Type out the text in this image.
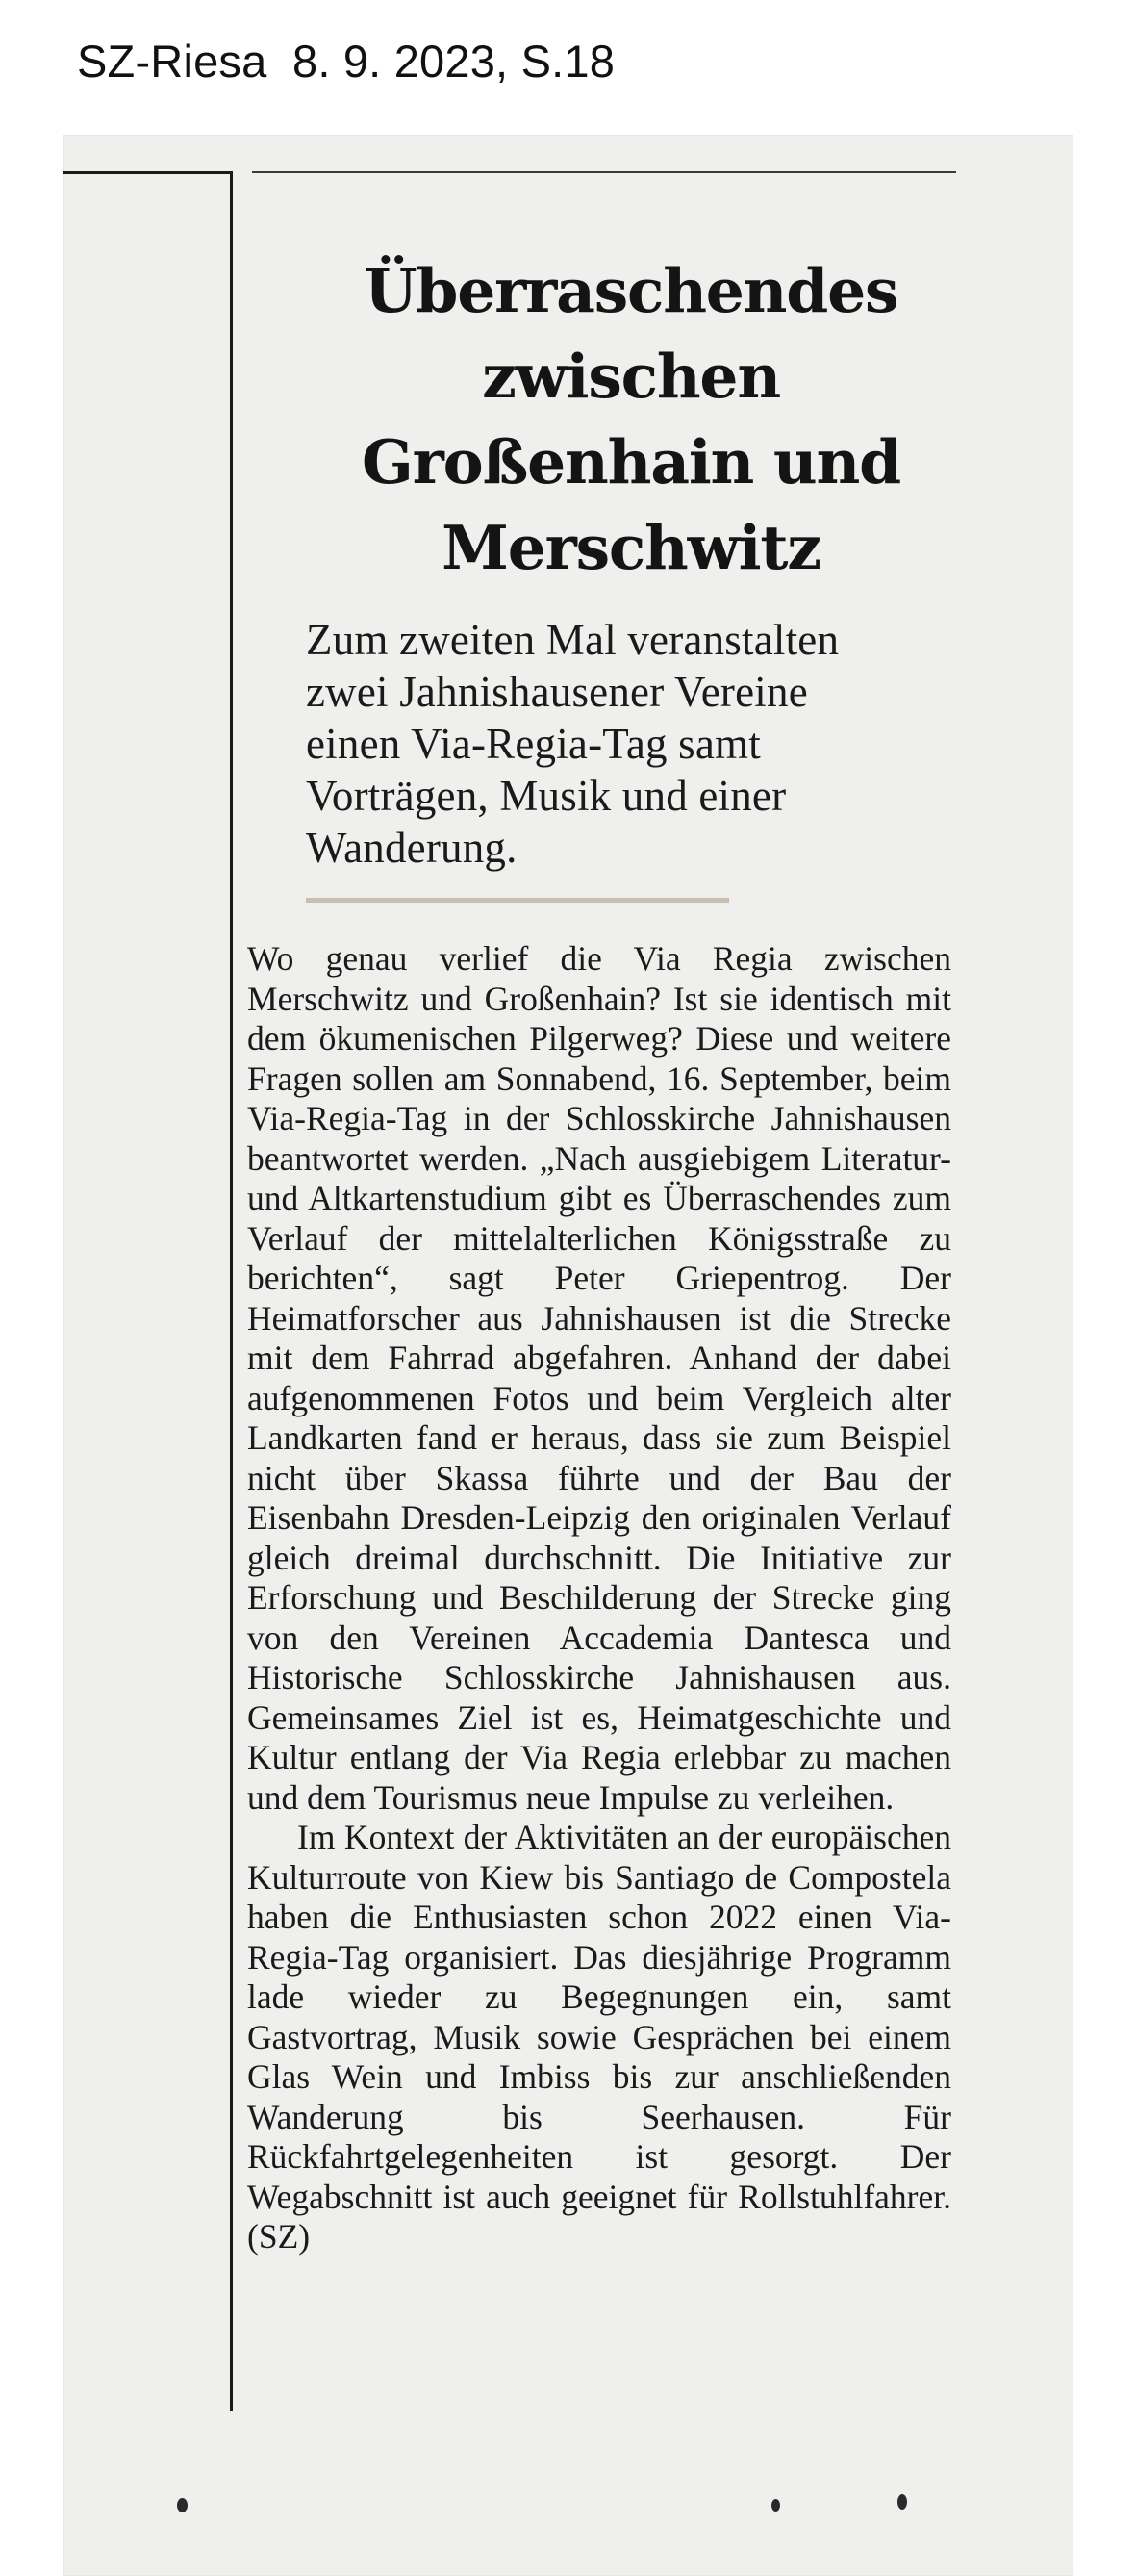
SZ-Riesa  8. 9. 2023, S.18
Überraschendes
zwischen
Großenhain und
Merschwitz

Zum zweiten Mal veranstalten
zwei Jahnishausener Vereine
einen Via-Regia-Tag samt
Vorträgen, Musik und einer
Wanderung.

Wo genau verlief die Via Regia zwischen Merschwitz und Großenhain? Ist sie identisch mit dem ökumenischen Pilgerweg? Diese und weitere Fragen sollen am Sonnabend, 16. September, beim Via-Regia-Tag in der Schlosskirche Jahnishausen beantwortet werden. „Nach ausgiebigem Literatur- und Altkartenstudium gibt es Überraschendes zum Verlauf der mittelalterlichen Königsstraße zu berichten“, sagt Peter Griepentrog. Der Heimatforscher aus Jahnishausen ist die Strecke mit dem Fahrrad abgefahren. Anhand der dabei aufgenommenen Fotos und beim Vergleich alter Landkarten fand er heraus, dass sie zum Beispiel nicht über Skassa führte und der Bau der Eisenbahn Dresden-Leipzig den originalen Verlauf gleich dreimal durchschnitt. Die Initiative zur Erforschung und Beschilderung der Strecke ging von den Vereinen Accademia Dantesca und Historische Schlosskirche Jahnishausen aus. Gemeinsames Ziel ist es, Heimatgeschichte und Kultur entlang der Via Regia erlebbar zu machen und dem Tourismus neue Impulse zu verleihen.

Im Kontext der Aktivitäten an der europäischen Kulturroute von Kiew bis Santiago de Compostela haben die Enthusiasten schon 2022 einen Via-Regia-Tag organisiert. Das diesjährige Programm lade wieder zu Begegnungen ein, samt Gastvortrag, Musik sowie Gesprächen bei einem Glas Wein und Imbiss bis zur anschließenden Wanderung bis Seerhausen. Für Rückfahrtgelegenheiten ist gesorgt. Der Wegabschnitt ist auch geeignet für Rollstuhlfahrer. (SZ)
